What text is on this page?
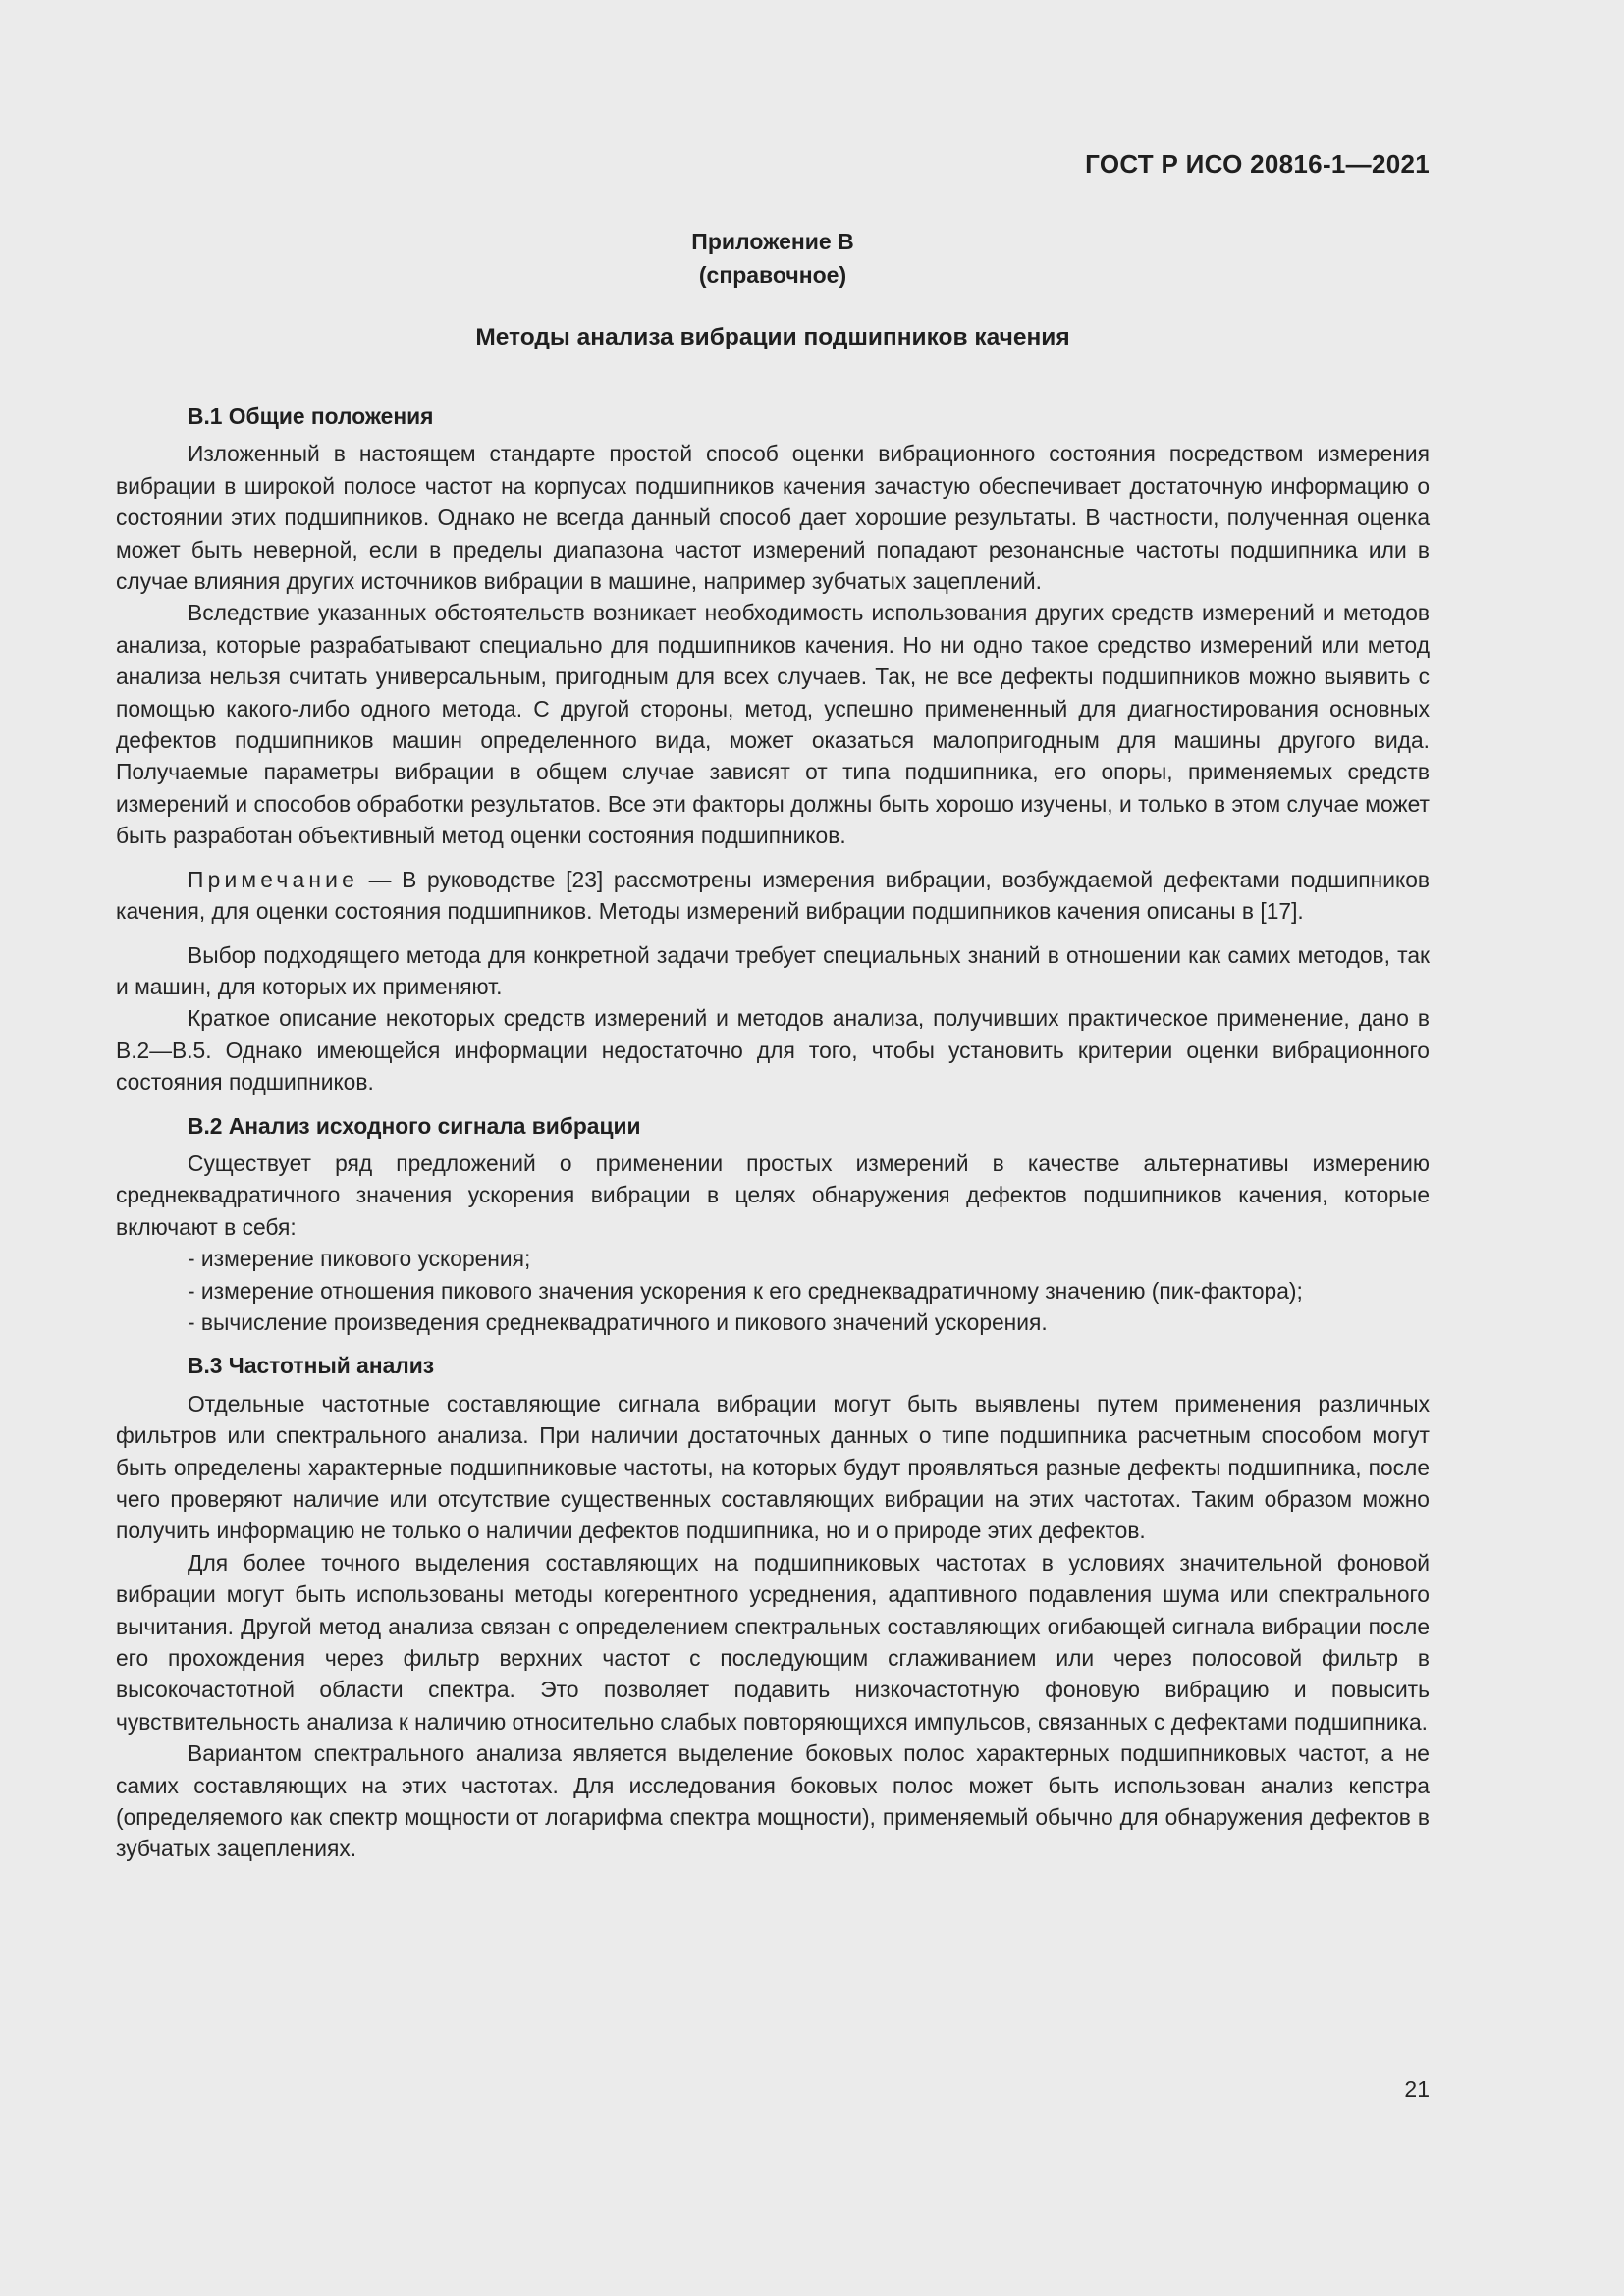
ГОСТ Р ИСО 20816-1—2021
Приложение В
(справочное)
Методы анализа вибрации подшипников качения
В.1 Общие положения

Изложенный в настоящем стандарте простой способ оценки вибрационного состояния посредством измерения вибрации в широкой полосе частот на корпусах подшипников качения зачастую обеспечивает достаточную информацию о состоянии этих подшипников. Однако не всегда данный способ дает хорошие результаты. В частности, полученная оценка может быть неверной, если в пределы диапазона частот измерений попадают резонансные частоты подшипника или в случае влияния других источников вибрации в машине, например зубчатых зацеплений.

Вследствие указанных обстоятельств возникает необходимость использования других средств измерений и методов анализа, которые разрабатывают специально для подшипников качения. Но ни одно такое средство измерений или метод анализа нельзя считать универсальным, пригодным для всех случаев. Так, не все дефекты подшипников можно выявить с помощью какого-либо одного метода. С другой стороны, метод, успешно примененный для диагностирования основных дефектов подшипников машин определенного вида, может оказаться малопригодным для машины другого вида. Получаемые параметры вибрации в общем случае зависят от типа подшипника, его опоры, применяемых средств измерений и способов обработки результатов. Все эти факторы должны быть хорошо изучены, и только в этом случае может быть разработан объективный метод оценки состояния подшипников.

Примечание — В руководстве [23] рассмотрены измерения вибрации, возбуждаемой дефектами подшипников качения, для оценки состояния подшипников. Методы измерений вибрации подшипников качения описаны в [17].

Выбор подходящего метода для конкретной задачи требует специальных знаний в отношении как самих методов, так и машин, для которых их применяют.

Краткое описание некоторых средств измерений и методов анализа, получивших практическое применение, дано в В.2—В.5. Однако имеющейся информации недостаточно для того, чтобы установить критерии оценки вибрационного состояния подшипников.

В.2 Анализ исходного сигнала вибрации

Существует ряд предложений о применении простых измерений в качестве альтернативы измерению среднеквадратичного значения ускорения вибрации в целях обнаружения дефектов подшипников качения, которые включают в себя:

- измерение пикового ускорения;

- измерение отношения пикового значения ускорения к его среднеквадратичному значению (пик-фактора);

- вычисление произведения среднеквадратичного и пикового значений ускорения.

В.3 Частотный анализ

Отдельные частотные составляющие сигнала вибрации могут быть выявлены путем применения различных фильтров или спектрального анализа. При наличии достаточных данных о типе подшипника расчетным способом могут быть определены характерные подшипниковые частоты, на которых будут проявляться разные дефекты подшипника, после чего проверяют наличие или отсутствие существенных составляющих вибрации на этих частотах. Таким образом можно получить информацию не только о наличии дефектов подшипника, но и о природе этих дефектов.

Для более точного выделения составляющих на подшипниковых частотах в условиях значительной фоновой вибрации могут быть использованы методы когерентного усреднения, адаптивного подавления шума или спектрального вычитания. Другой метод анализа связан с определением спектральных составляющих огибающей сигнала вибрации после его прохождения через фильтр верхних частот с последующим сглаживанием или через полосовой фильтр в высокочастотной области спектра. Это позволяет подавить низкочастотную фоновую вибрацию и повысить чувствительность анализа к наличию относительно слабых повторяющихся импульсов, связанных с дефектами подшипника.

Вариантом спектрального анализа является выделение боковых полос характерных подшипниковых частот, а не самих составляющих на этих частотах. Для исследования боковых полос может быть использован анализ кепстра (определяемого как спектр мощности от логарифма спектра мощности), применяемый обычно для обнаружения дефектов в зубчатых зацеплениях.

21
